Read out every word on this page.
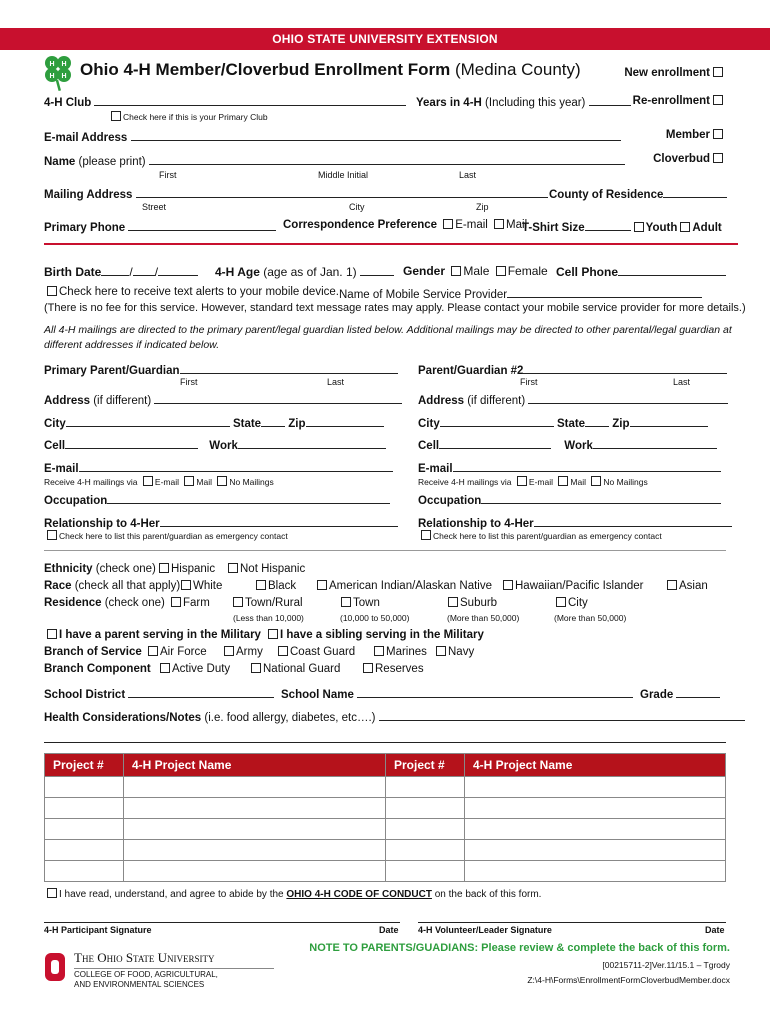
OHIO STATE UNIVERSITY EXTENSION
H H
H H Ohio 4-H Member/Cloverbud Enrollment Form (Medina County)	New enrollment
Re-enrollment
Member
Cloverbud
4-H Club
Check here if this is your Primary Club
Years in 4-H (Including this year)
E-mail Address
Name (please print)
First	Middle Initial	Last
Mailing Address	County of Residence
Street	City	Zip
Primary Phone	Correspondence Preference E-mail Mail
T-Shirt Size	Youth Adult
Birth Date / /	4-H Age (age as of Jan. 1)	Gender Male Female Cell Phone
Check here to receive text alerts to your mobile device. Name of Mobile Service Provider
(There is no fee for this service. However, standard text message rates may apply. Please contact your mobile service provider for more details.)
All 4-H mailings are directed to the primary parent/legal guardian listed below. Additional mailings may be directed to other parental/legal guardian at
different addresses if indicated below.
Primary Parent/Guardian
First	Last
Address (if different)
City	State Zip
Cell	Work
E-mail
Receive 4-H mailings via E-mail Mail No Mailings
Occupation
Relationship to 4-Her
Check here to list this parent/guardian as emergency contact
Parent/Guardian #2
First	Last
Address (if different)
City	State Zip
Cell	Work
E-mail
Receive 4-H mailings via E-mail Mail No Mailings
Occupation
Relationship to 4-Her
Check here to list this parent/guardian as emergency contact
Ethnicity (check one)	Hispanic	Not Hispanic
Race (check all that apply)	White	Black	American Indian/Alaskan Native	Hawaiian/Pacific Islander	Asian
Residence (check one)	Farm	Town/Rural	Town	Suburb	City
(Less than 10,000)	(10,000 to 50,000)	(More than 50,000)	(More than 50,000)
I have a parent serving in the Military	I have a sibling serving in the Military
Branch of Service	Air Force	Army	Coast Guard	Marines	Navy
Branch Component	Active Duty	National Guard	Reserves
School District	School Name	Grade
Health Considerations/Notes (i.e. food allergy, diabetes, etc….)
Project #	4-H Project Name	Project #	4-H Project Name

I have read, understand, and agree to abide by the OHIO 4-H CODE OF CONDUCT on the back of this form.
4-H Participant Signature	Date 4-H Volunteer/Leader Signature	Date
NOTE TO PARENTS/GUADIANS: Please review & complete the back of this form.
[00215711-2]Ver.11/15.1 – Tgrody
Z:\4-H\Forms\EnrollmentFormCloverbudMember.docx
The Ohio State University
COLLEGE OF FOOD, AGRICULTURAL,
AND ENVIRONMENTAL SCIENCES
